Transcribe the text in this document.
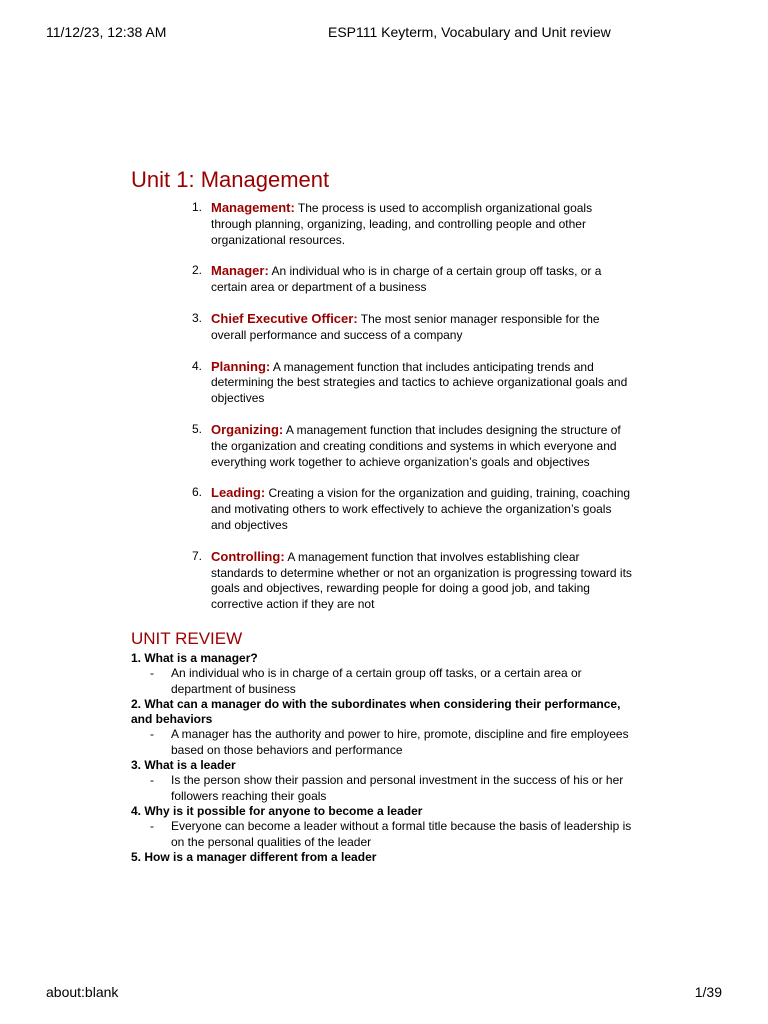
11/12/23, 12:38 AM	ESP111 Keyterm, Vocabulary and Unit review
Unit 1: Management
1. Management: The process is used to accomplish organizational goals through planning, organizing, leading, and controlling people and other organizational resources.
2. Manager: An individual who is in charge of a certain group off tasks, or a certain area or department of a business
3. Chief Executive Officer: The most senior manager responsible for the overall performance and success of a company
4. Planning: A management function that includes anticipating trends and determining the best strategies and tactics to achieve organizational goals and objectives
5. Organizing: A management function that includes designing the structure of the organization and creating conditions and systems in which everyone and everything work together to achieve organization’s goals and objectives
6. Leading: Creating a vision for the organization and guiding, training, coaching and motivating others to work effectively to achieve the organization’s goals and objectives
7. Controlling: A management function that involves establishing clear standards to determine whether or not an organization is progressing toward its goals and objectives, rewarding people for doing a good job, and taking corrective action if they are not
UNIT REVIEW
1. What is a manager?
- An individual who is in charge of a certain group off tasks, or a certain area or department of business
2. What can a manager do with the subordinates when considering their performance, and behaviors
- A manager has the authority and power to hire, promote, discipline and fire employees based on those behaviors and performance
3. What is a leader
- Is the person show their passion and personal investment in the success of his or her followers reaching their goals
4. Why is it possible for anyone to become a leader
- Everyone can become a leader without a formal title because the basis of leadership is on the personal qualities of the leader
5. How is a manager different from a leader
about:blank	1/39
